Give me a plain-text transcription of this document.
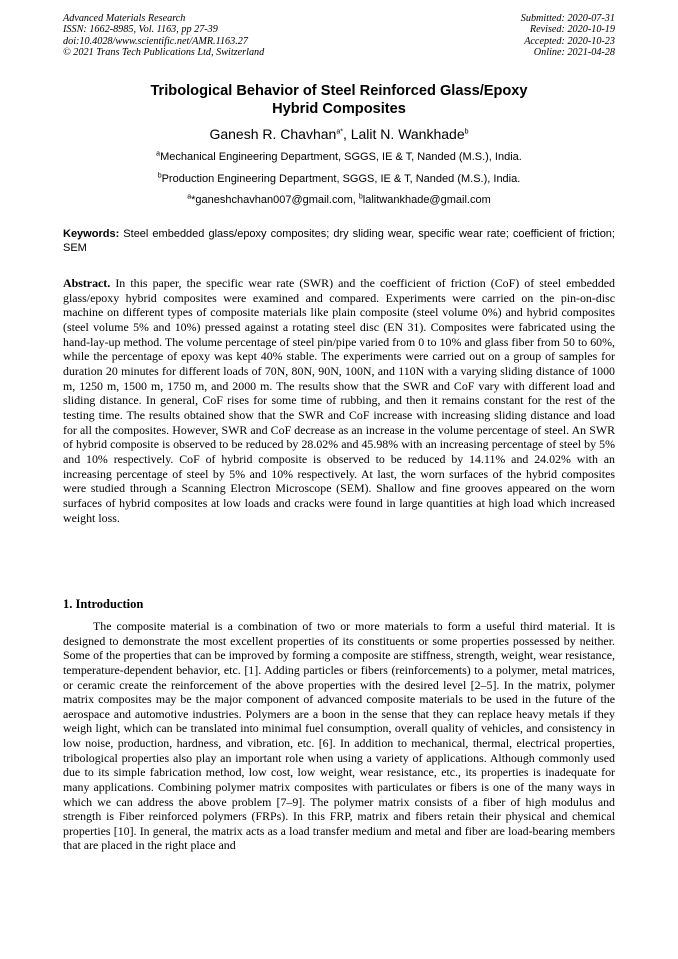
Advanced Materials Research
ISSN: 1662-8985, Vol. 1163, pp 27-39
doi:10.4028/www.scientific.net/AMR.1163.27
© 2021 Trans Tech Publications Ltd, Switzerland
Submitted: 2020-07-31
Revised: 2020-10-19
Accepted: 2020-10-23
Online: 2021-04-28
Tribological Behavior of Steel Reinforced Glass/Epoxy
Hybrid Composites
Ganesh R. Chavhan$^{a*}$, Lalit N. Wankhade$^b$
$^a$Mechanical Engineering Department, SGGS, IE & T, Nanded (M.S.), India.
$^b$Production Engineering Department, SGGS, IE & T, Nanded (M.S.), India.
$^a$*ganeshchavhan007@gmail.com, $^b$lalitwankhade@gmail.com
Keywords: Steel embedded glass/epoxy composites; dry sliding wear, specific wear rate; coefficient of friction; SEM
Abstract. In this paper, the specific wear rate (SWR) and the coefficient of friction (CoF) of steel embedded glass/epoxy hybrid composites were examined and compared. Experiments were carried on the pin-on-disc machine on different types of composite materials like plain composite (steel volume 0%) and hybrid composites (steel volume 5% and 10%) pressed against a rotating steel disc (EN 31). Composites were fabricated using the hand-lay-up method. The volume percentage of steel pin/pipe varied from 0 to 10% and glass fiber from 50 to 60%, while the percentage of epoxy was kept 40% stable. The experiments were carried out on a group of samples for duration 20 minutes for different loads of 70N, 80N, 90N, 100N, and 110N with a varying sliding distance of 1000 m, 1250 m, 1500 m, 1750 m, and 2000 m. The results show that the SWR and CoF vary with different load and sliding distance. In general, CoF rises for some time of rubbing, and then it remains constant for the rest of the testing time. The results obtained show that the SWR and CoF increase with increasing sliding distance and load for all the composites. However, SWR and CoF decrease as an increase in the volume percentage of steel. An SWR of hybrid composite is observed to be reduced by 28.02% and 45.98% with an increasing percentage of steel by 5% and 10% respectively. CoF of hybrid composite is observed to be reduced by 14.11% and 24.02% with an increasing percentage of steel by 5% and 10% respectively. At last, the worn surfaces of the hybrid composites were studied through a Scanning Electron Microscope (SEM). Shallow and fine grooves appeared on the worn surfaces of hybrid composites at low loads and cracks were found in large quantities at high load which increased weight loss.
1. Introduction
The composite material is a combination of two or more materials to form a useful third material. It is designed to demonstrate the most excellent properties of its constituents or some properties possessed by neither. Some of the properties that can be improved by forming a composite are stiffness, strength, weight, wear resistance, temperature-dependent behavior, etc. [1]. Adding particles or fibers (reinforcements) to a polymer, metal matrices, or ceramic create the reinforcement of the above properties with the desired level [2–5]. In the matrix, polymer matrix composites may be the major component of advanced composite materials to be used in the future of the aerospace and automotive industries. Polymers are a boon in the sense that they can replace heavy metals if they weigh light, which can be translated into minimal fuel consumption, overall quality of vehicles, and consistency in low noise, production, hardness, and vibration, etc. [6]. In addition to mechanical, thermal, electrical properties, tribological properties also play an important role when using a variety of applications. Although commonly used due to its simple fabrication method, low cost, low weight, wear resistance, etc., its properties is inadequate for many applications. Combining polymer matrix composites with particulates or fibers is one of the many ways in which we can address the above problem [7–9]. The polymer matrix consists of a fiber of high modulus and strength is Fiber reinforced polymers (FRPs). In this FRP, matrix and fibers retain their physical and chemical properties [10]. In general, the matrix acts as a load transfer medium and metal and fiber are load-bearing members that are placed in the right place and
